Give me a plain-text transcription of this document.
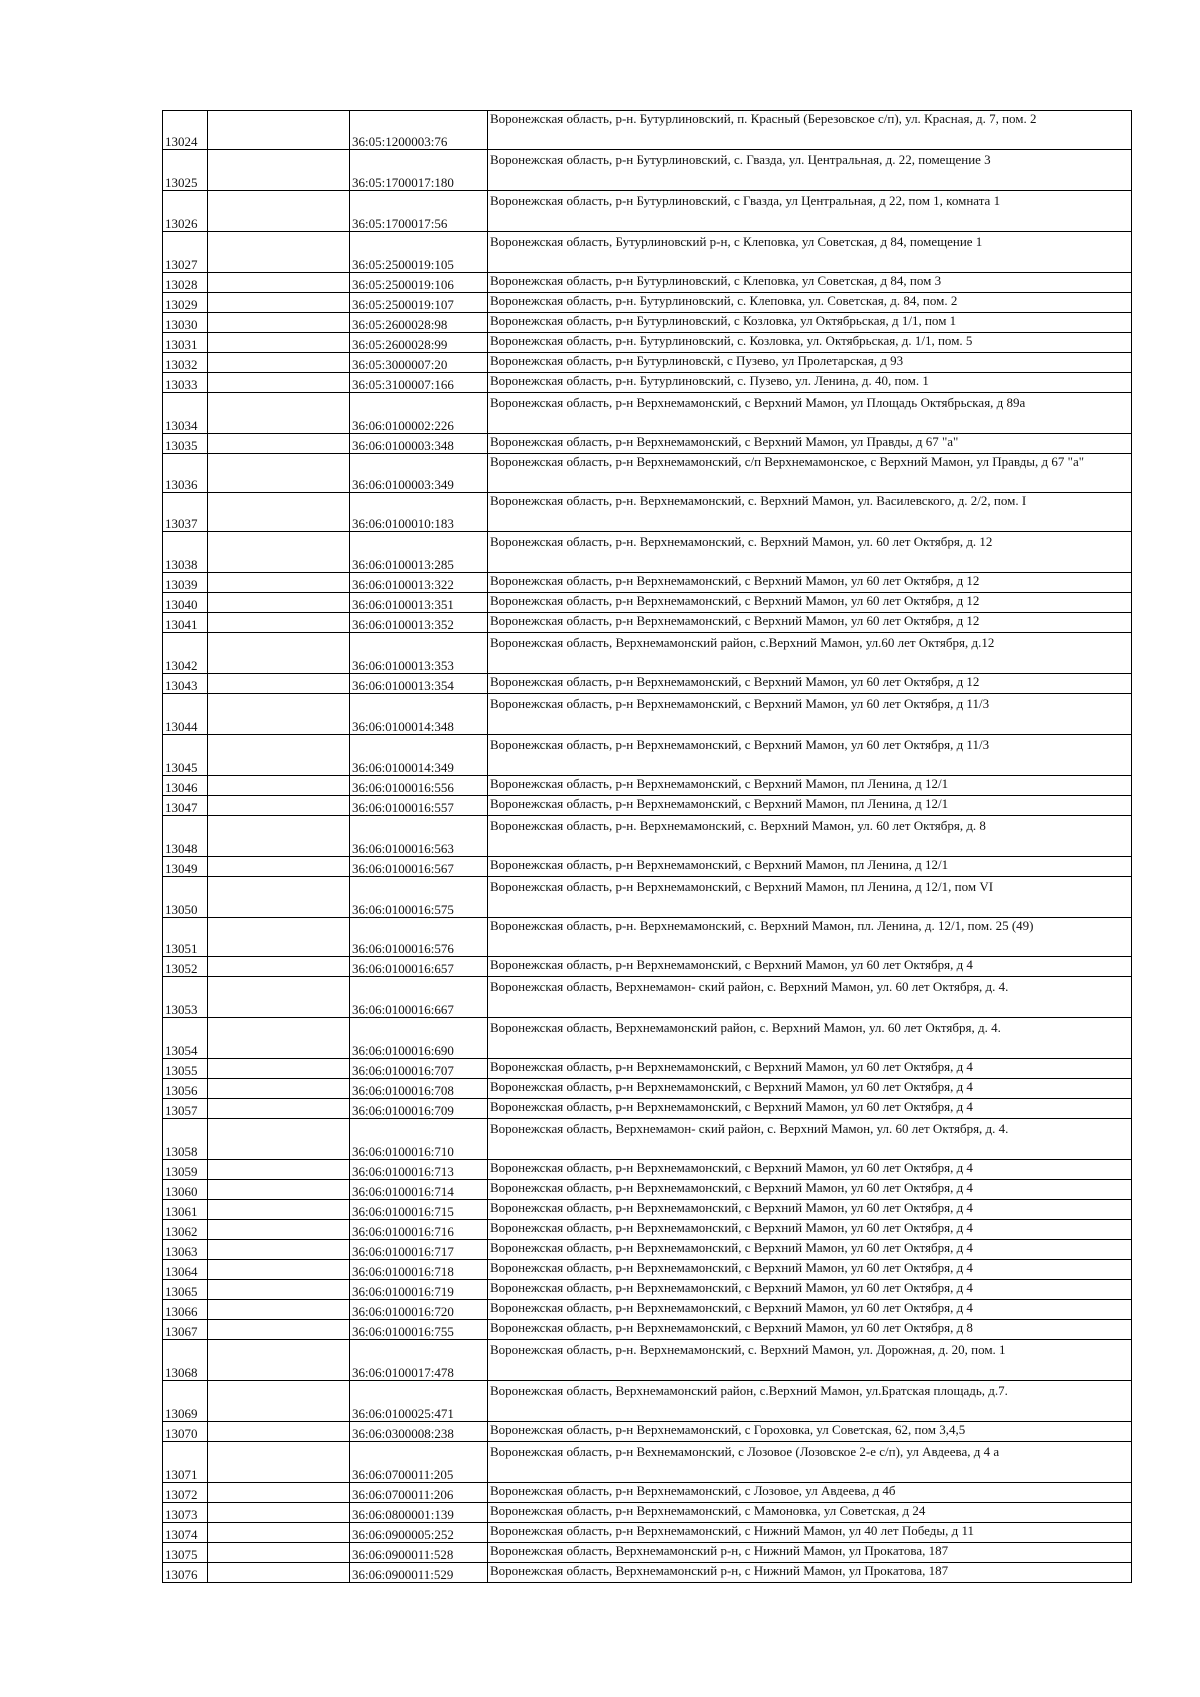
13024		36:05:1200003:76	Воронежская область, р-н. Бутурлиновский, п. Красный (Березовское с/п), ул. Красная, д. 7, пом. 2
13025		36:05:1700017:180	Воронежская область, р-н Бутурлиновский, с. Гвазда, ул. Центральная, д. 22, помещение 3
13026		36:05:1700017:56	Воронежская область, р-н Бутурлиновский, с Гвазда, ул Центральная, д 22, пом 1, комната 1
13027		36:05:2500019:105	Воронежская область, Бутурлиновский р-н, с Клеповка, ул Советская, д 84, помещение 1
13028		36:05:2500019:106	Воронежская область, р-н Бутурлиновский, с Клеповка, ул Советская, д 84, пом 3
13029		36:05:2500019:107	Воронежская область, р-н. Бутурлиновский, с. Клеповка, ул. Советская, д. 84, пом. 2
13030		36:05:2600028:98	Воронежская область, р-н Бутурлиновский, с Козловка, ул Октябрьская, д 1/1, пом 1
13031		36:05:2600028:99	Воронежская область, р-н. Бутурлиновский, с. Козловка, ул. Октябрьская, д. 1/1, пом. 5
13032		36:05:3000007:20	Воронежская область, р-н Бутурлиновскй, с Пузево, ул Пролетарская, д 93
13033		36:05:3100007:166	Воронежская область, р-н. Бутурлиновский, с. Пузево, ул. Ленина, д. 40, пом. 1
13034		36:06:0100002:226	Воронежская область, р-н Верхнемамонский, с Верхний Мамон, ул Площадь Октябрьская, д 89а
13035		36:06:0100003:348	Воронежская область, р-н Верхнемамонский, с Верхний Мамон, ул Правды, д 67 "а"
13036		36:06:0100003:349	Воронежская область, р-н Верхнемамонский, с/п Верхнемамонское, с Верхний Мамон, ул Правды, д 67 "а"
13037		36:06:0100010:183	Воронежская область, р-н. Верхнемамонский, с. Верхний Мамон, ул. Василевского, д. 2/2, пом. I
13038		36:06:0100013:285	Воронежская область, р-н. Верхнемамонский, с. Верхний Мамон, ул. 60 лет Октября, д. 12
13039		36:06:0100013:322	Воронежская область, р-н Верхнемамонский, с Верхний Мамон, ул 60 лет Октября, д 12
13040		36:06:0100013:351	Воронежская область, р-н Верхнемамонский, с Верхний Мамон, ул 60 лет Октября, д 12
13041		36:06:0100013:352	Воронежская область, р-н Верхнемамонский, с Верхний Мамон, ул 60 лет Октября, д 12
13042		36:06:0100013:353	Воронежская область, Верхнемамонский район, с.Верхний Мамон, ул.60 лет Октября, д.12
13043		36:06:0100013:354	Воронежская область, р-н Верхнемамонский, с Верхний Мамон, ул 60 лет Октября, д 12
13044		36:06:0100014:348	Воронежская область, р-н Верхнемамонский, с Верхний Мамон, ул 60 лет Октября, д 11/3
13045		36:06:0100014:349	Воронежская область, р-н Верхнемамонский, с Верхний Мамон, ул 60 лет Октября, д 11/3
13046		36:06:0100016:556	Воронежская область, р-н Верхнемамонский, с Верхний Мамон, пл Ленина, д 12/1
13047		36:06:0100016:557	Воронежская область, р-н Верхнемамонский, с Верхний Мамон, пл Ленина, д 12/1
13048		36:06:0100016:563	Воронежская область, р-н. Верхнемамонский, с. Верхний Мамон, ул. 60 лет Октября, д. 8
13049		36:06:0100016:567	Воронежская область, р-н Верхнемамонский, с Верхний Мамон, пл Ленина, д 12/1
13050		36:06:0100016:575	Воронежская область, р-н Верхнемамонский, с Верхний Мамон, пл Ленина, д 12/1, пом VI
13051		36:06:0100016:576	Воронежская область, р-н. Верхнемамонский, с. Верхний Мамон, пл. Ленина, д. 12/1, пом. 25 (49)
13052		36:06:0100016:657	Воронежская область, р-н Верхнемамонский, с Верхний Мамон, ул 60 лет Октября, д 4
13053		36:06:0100016:667	Воронежская область, Верхнемамон- ский район, с. Верхний Мамон, ул. 60 лет Октября, д. 4.
13054		36:06:0100016:690	Воронежская область, Верхнемамонский район, с. Верхний Мамон, ул. 60 лет Октября, д. 4.
13055		36:06:0100016:707	Воронежская область, р-н Верхнемамонский, с Верхний Мамон, ул 60 лет Октября, д 4
13056		36:06:0100016:708	Воронежская область, р-н Верхнемамонский, с Верхний Мамон, ул 60 лет Октября, д 4
13057		36:06:0100016:709	Воронежская область, р-н Верхнемамонский, с Верхний Мамон, ул 60 лет Октября, д 4
13058		36:06:0100016:710	Воронежская область, Верхнемамон- ский район, с. Верхний Мамон, ул. 60 лет Октября, д. 4.
13059		36:06:0100016:713	Воронежская область, р-н Верхнемамонский, с Верхний Мамон, ул 60 лет Октября, д 4
13060		36:06:0100016:714	Воронежская область, р-н Верхнемамонский, с Верхний Мамон, ул 60 лет Октября, д 4
13061		36:06:0100016:715	Воронежская область, р-н Верхнемамонский, с Верхний Мамон, ул 60 лет Октября, д 4
13062		36:06:0100016:716	Воронежская область, р-н Верхнемамонский, с Верхний Мамон, ул 60 лет Октября, д 4
13063		36:06:0100016:717	Воронежская область, р-н Верхнемамонский, с Верхний Мамон, ул 60 лет Октября, д 4
13064		36:06:0100016:718	Воронежская область, р-н Верхнемамонский, с Верхний Мамон, ул 60 лет Октября, д 4
13065		36:06:0100016:719	Воронежская область, р-н Верхнемамонский, с Верхний Мамон, ул 60 лет Октября, д 4
13066		36:06:0100016:720	Воронежская область, р-н Верхнемамонский, с Верхний Мамон, ул 60 лет Октября, д 4
13067		36:06:0100016:755	Воронежская область, р-н Верхнемамонский, с Верхний Мамон, ул 60 лет Октября, д 8
13068		36:06:0100017:478	Воронежская область, р-н. Верхнемамонский, с. Верхний Мамон, ул. Дорожная, д. 20, пом. 1
13069		36:06:0100025:471	Воронежская область, Верхнемамонский район, с.Верхний Мамон, ул.Братская площадь, д.7.
13070		36:06:0300008:238	Воронежская область, р-н Верхнемамонский, с Гороховка, ул Советская, 62, пом 3,4,5
13071		36:06:0700011:205	Воронежская область, р-н Вехнемамонский, с Лозовое (Лозовское 2-е с/п), ул Авдеева, д 4 а
13072		36:06:0700011:206	Воронежская область, р-н Верхнемамонский, с Лозовое, ул Авдеева, д 4б
13073		36:06:0800001:139	Воронежская область, р-н Верхнемамонский, с Мамоновка, ул Советская, д 24
13074		36:06:0900005:252	Воронежская область, р-н Верхнемамонский, с Нижний Мамон, ул 40 лет Победы, д 11
13075		36:06:0900011:528	Воронежская область, Верхнемамонский р-н, с Нижний Мамон, ул Прокатова, 187
13076		36:06:0900011:529	Воронежская область, Верхнемамонский р-н, с Нижний Мамон, ул Прокатова, 187
